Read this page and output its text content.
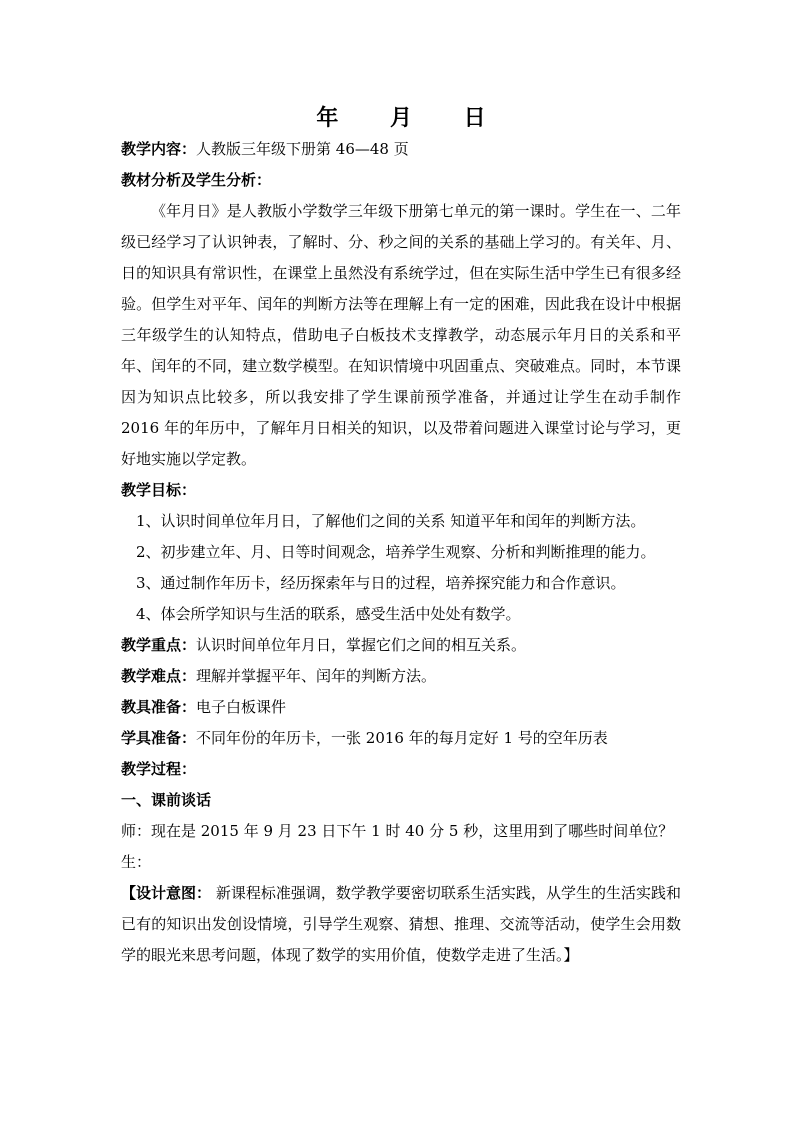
年 月 日

教学内容：人教版三年级下册第 46—48 页

教材分析及学生分析：

《年月日》是人教版小学数学三年级下册第七单元的第一课时。学生在一、二年级已经学习了认识钟表，了解时、分、秒之间的关系的基础上学习的。有关年、月、日的知识具有常识性，在课堂上虽然没有系统学过，但在实际生活中学生已有很多经验。但学生对平年、闰年的判断方法等在理解上有一定的困难，因此我在设计中根据三年级学生的认知特点，借助电子白板技术支撑教学，动态展示年月日的关系和平年、闰年的不同，建立数学模型。在知识情境中巩固重点、突破难点。同时，本节课因为知识点比较多，所以我安排了学生课前预学准备，并通过让学生在动手制作 2016 年的年历中，了解年月日相关的知识，以及带着问题进入课堂讨论与学习，更好地实施以学定教。

教学目标：

1、认识时间单位年月日，了解他们之间的关系 知道平年和闰年的判断方法。

2、初步建立年、月、日等时间观念，培养学生观察、分析和判断推理的能力。

3、通过制作年历卡，经历探索年与日的过程，培养探究能力和合作意识。

4、体会所学知识与生活的联系，感受生活中处处有数学。

教学重点：认识时间单位年月日，掌握它们之间的相互关系。

教学难点：理解并掌握平年、闰年的判断方法。

教具准备：电子白板课件

学具准备：不同年份的年历卡，一张 2016 年的每月定好 1 号的空年历表

教学过程：

一、课前谈话

师：现在是 2015 年 9 月 23 日下午 1 时 40 分 5 秒，这里用到了哪些时间单位？

生：

【设计意图： 新课程标准强调，数学教学要密切联系生活实践，从学生的生活实践和已有的知识出发创设情境，引导学生观察、猜想、推理、交流等活动，使学生会用数学的眼光来思考问题，体现了数学的实用价值，使数学走进了生活。】
